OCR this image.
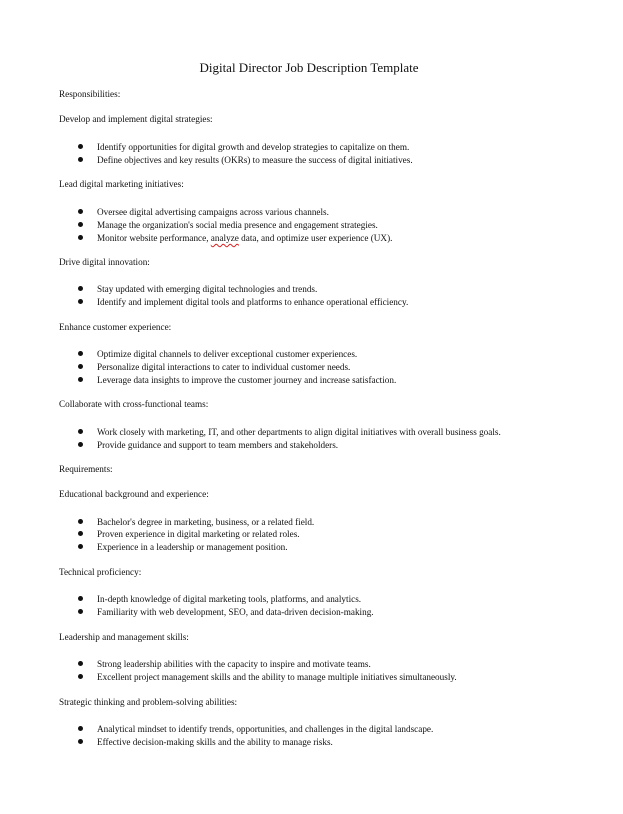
Digital Director Job Description Template
Responsibilities:
Develop and implement digital strategies:
Identify opportunities for digital growth and develop strategies to capitalize on them.
Define objectives and key results (OKRs) to measure the success of digital initiatives.
Lead digital marketing initiatives:
Oversee digital advertising campaigns across various channels.
Manage the organization's social media presence and engagement strategies.
Monitor website performance, analyze data, and optimize user experience (UX).
Drive digital innovation:
Stay updated with emerging digital technologies and trends.
Identify and implement digital tools and platforms to enhance operational efficiency.
Enhance customer experience:
Optimize digital channels to deliver exceptional customer experiences.
Personalize digital interactions to cater to individual customer needs.
Leverage data insights to improve the customer journey and increase satisfaction.
Collaborate with cross-functional teams:
Work closely with marketing, IT, and other departments to align digital initiatives with overall business goals.
Provide guidance and support to team members and stakeholders.
Requirements:
Educational background and experience:
Bachelor's degree in marketing, business, or a related field.
Proven experience in digital marketing or related roles.
Experience in a leadership or management position.
Technical proficiency:
In-depth knowledge of digital marketing tools, platforms, and analytics.
Familiarity with web development, SEO, and data-driven decision-making.
Leadership and management skills:
Strong leadership abilities with the capacity to inspire and motivate teams.
Excellent project management skills and the ability to manage multiple initiatives simultaneously.
Strategic thinking and problem-solving abilities:
Analytical mindset to identify trends, opportunities, and challenges in the digital landscape.
Effective decision-making skills and the ability to manage risks.
